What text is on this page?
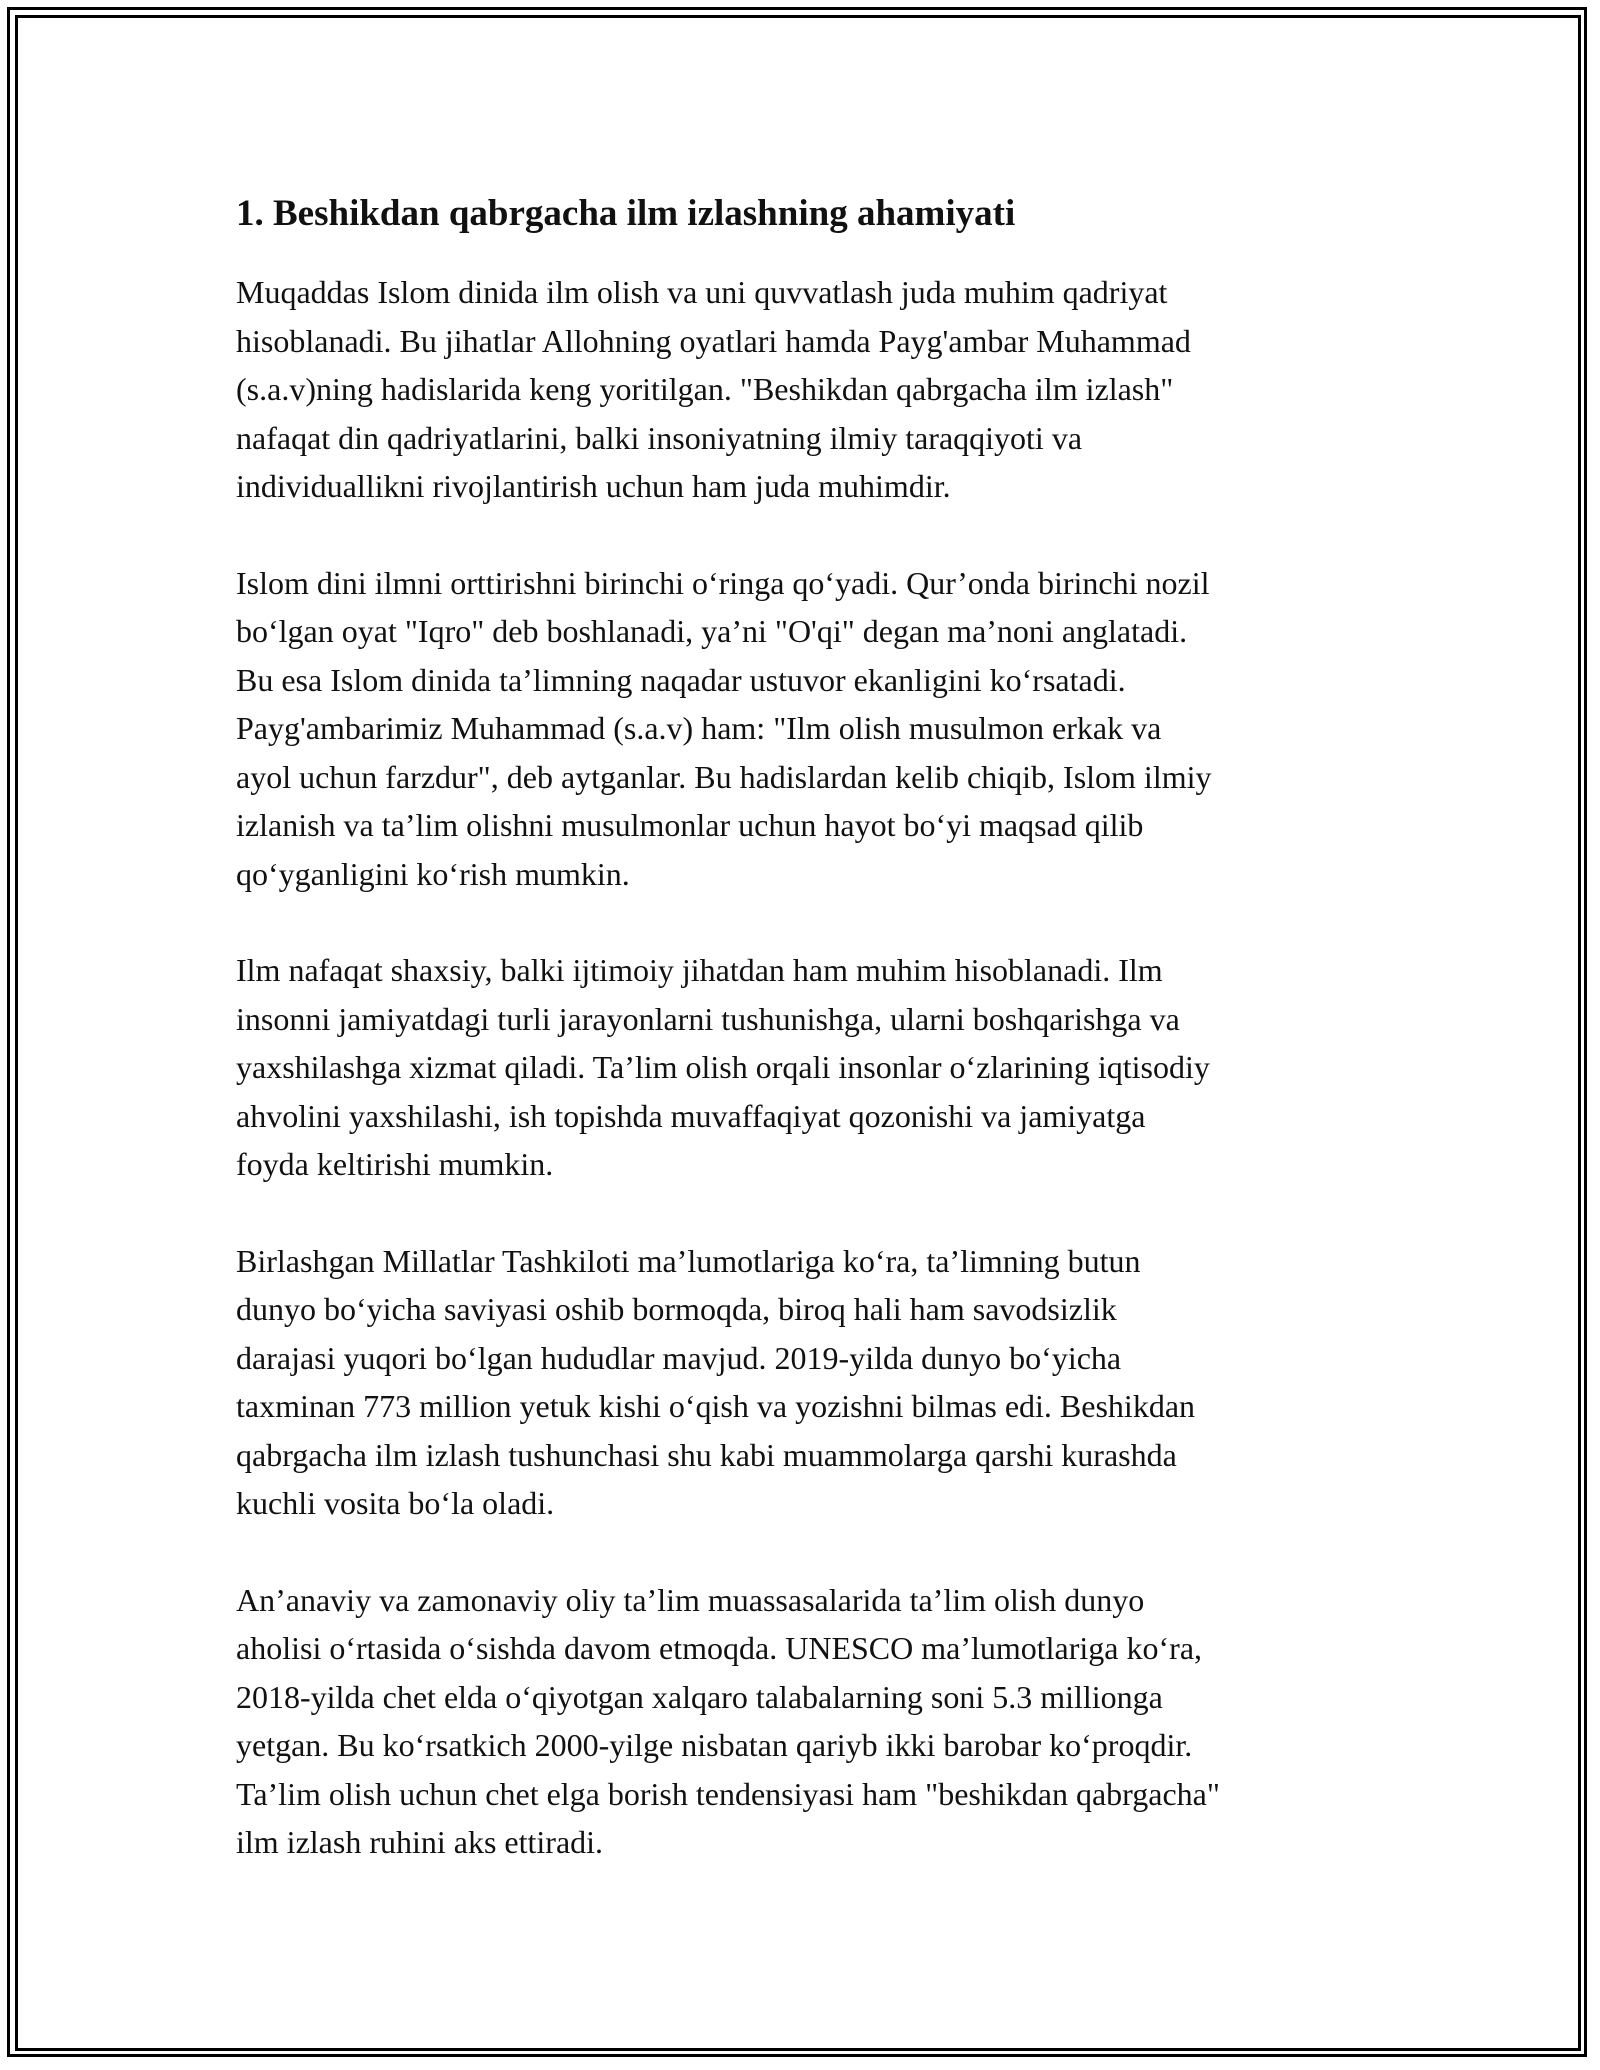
1. Beshikdan qabrgacha ilm izlashning ahamiyati

Muqaddas Islom dinida ilm olish va uni quvvatlash juda muhim qadriyat
hisoblanadi. Bu jihatlar Allohning oyatlari hamda Payg'ambar Muhammad
(s.a.v)ning hadislarida keng yoritilgan. "Beshikdan qabrgacha ilm izlash"
nafaqat din qadriyatlarini, balki insoniyatning ilmiy taraqqiyoti va
individuallikni rivojlantirish uchun ham juda muhimdir.

Islom dini ilmni orttirishni birinchi o‘ringa qo‘yadi. Qur’onda birinchi nozil
bo‘lgan oyat "Iqro" deb boshlanadi, ya’ni "O'qi" degan ma’noni anglatadi.
Bu esa Islom dinida ta’limning naqadar ustuvor ekanligini ko‘rsatadi.
Payg'ambarimiz Muhammad (s.a.v) ham: "Ilm olish musulmon erkak va
ayol uchun farzdur", deb aytganlar. Bu hadislardan kelib chiqib, Islom ilmiy
izlanish va ta’lim olishni musulmonlar uchun hayot bo‘yi maqsad qilib
qo‘yganligini ko‘rish mumkin.

Ilm nafaqat shaxsiy, balki ijtimoiy jihatdan ham muhim hisoblanadi. Ilm
insonni jamiyatdagi turli jarayonlarni tushunishga, ularni boshqarishga va
yaxshilashga xizmat qiladi. Ta’lim olish orqali insonlar o‘zlarining iqtisodiy
ahvolini yaxshilashi, ish topishda muvaffaqiyat qozonishi va jamiyatga
foyda keltirishi mumkin.

Birlashgan Millatlar Tashkiloti ma’lumotlariga ko‘ra, ta’limning butun
dunyo bo‘yicha saviyasi oshib bormoqda, biroq hali ham savodsizlik
darajasi yuqori bo‘lgan hududlar mavjud. 2019-yilda dunyo bo‘yicha
taxminan 773 million yetuk kishi o‘qish va yozishni bilmas edi. Beshikdan
qabrgacha ilm izlash tushunchasi shu kabi muammolarga qarshi kurashda
kuchli vosita bo‘la oladi.

An’anaviy va zamonaviy oliy ta’lim muassasalarida ta’lim olish dunyo
aholisi o‘rtasida o‘sishda davom etmoqda. UNESCO ma’lumotlariga ko‘ra,
2018-yilda chet elda o‘qiyotgan xalqaro talabalarning soni 5.3 millionga
yetgan. Bu ko‘rsatkich 2000-yilge nisbatan qariyb ikki barobar ko‘proqdir.
Ta’lim olish uchun chet elga borish tendensiyasi ham "beshikdan qabrgacha"
ilm izlash ruhini aks ettiradi.
